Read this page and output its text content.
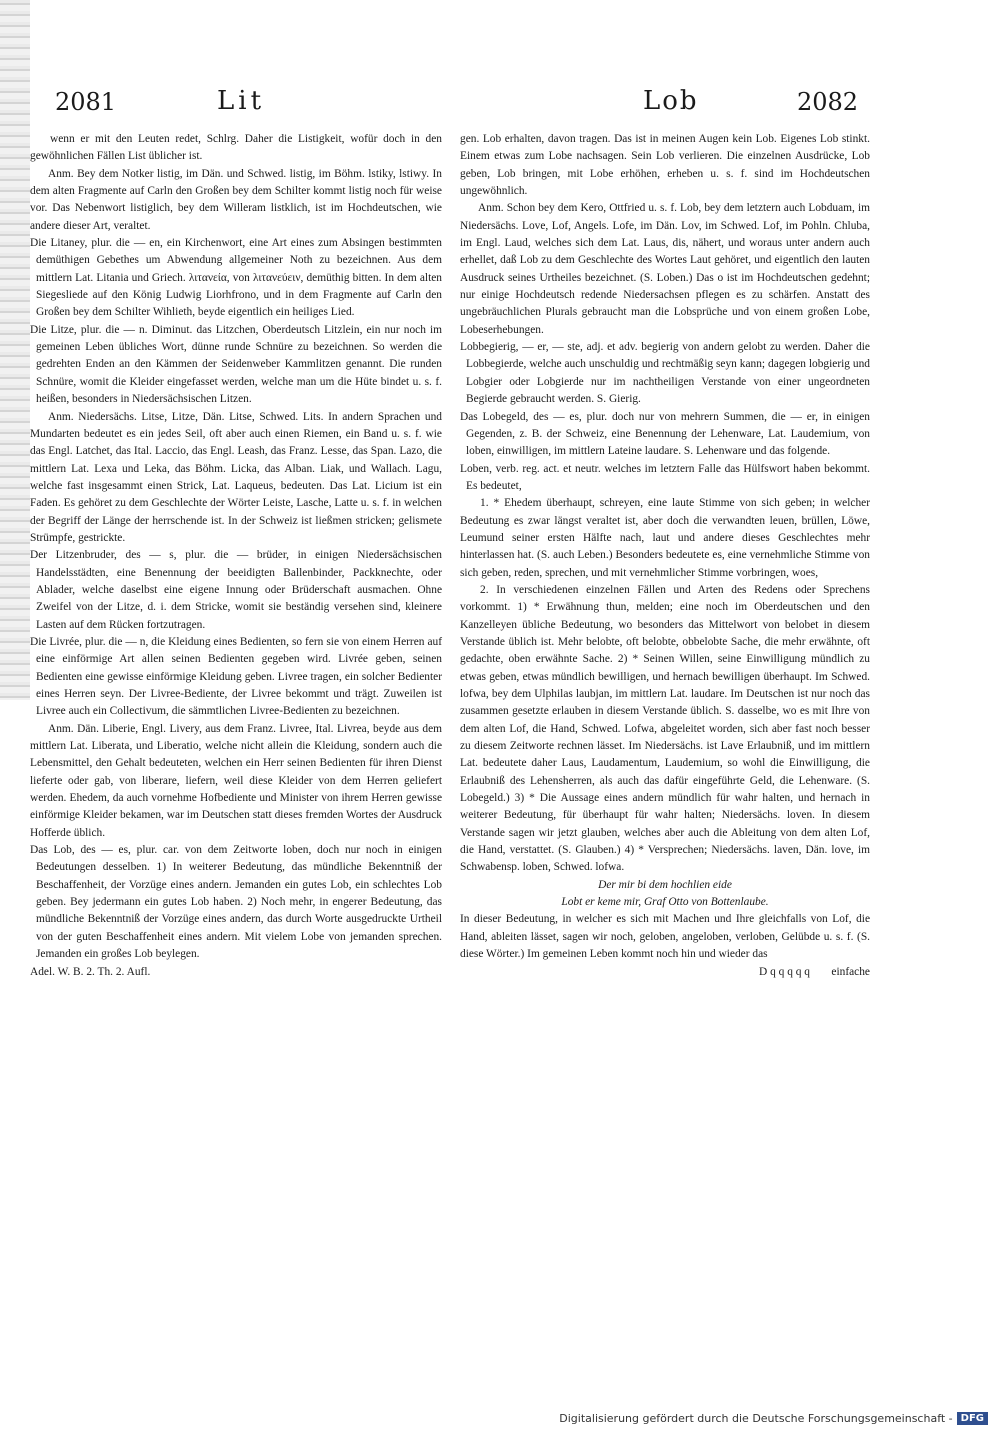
2081	Lit	Lob	2082

wenn er mit den Leuten redet, Schlrg. Daher die Listigkeit, wofür doch in den gewöhnlichen Fällen List üblicher ist.

Anm. Bey dem Notker listig, im Dän. und Schwed. listig, im Böhm. lstiky, lstiwy. In dem alten Fragmente auf Carln den Großen bey dem Schilter kommt listig noch für weise vor. Das Nebenwort listiglich, bey dem Willeram listklich, ist im Hochdeutschen, wie andere dieser Art, veraltet.

Die Litaney, plur. die — en, ein Kirchenwort, eine Art eines zum Absingen bestimmten demüthigen Gebethes um Abwendung allgemeiner Noth zu bezeichnen. Aus dem mittlern Lat. Litania und Griech. λιτανεία, von λιτανεύειν, demüthig bitten. In dem alten Siegesliede auf den König Ludwig Liorhfrono, und in dem Fragmente auf Carln den Großen bey dem Schilter Wihlieth, beyde eigentlich ein heiliges Lied.

Die Litze, plur. die — n. Diminut. das Litzchen, Oberdeutsch Litzlein, ein nur noch im gemeinen Leben übliches Wort, dünne runde Schnüre zu bezeichnen. So werden die gedrehten Enden an den Kämmen der Seidenweber Kammlitzen genannt. Die runden Schnüre, womit die Kleider eingefasset werden, welche man um die Hüte bindet u. s. f. heißen, besonders in Niedersächsischen Litzen.

Anm. Niedersächs. Litse, Litze, Dän. Litse, Schwed. Lits. In andern Sprachen und Mundarten bedeutet es ein jedes Seil, oft aber auch einen Riemen, ein Band u. s. f. wie das Engl. Latchet, das Ital. Laccio, das Engl. Leash, das Franz. Lesse, das Span. Lazo, die mittlern Lat. Lexa und Leka, das Böhm. Licka, das Alban. Liak, und Wallach. Lagu, welche fast insgesammt einen Strick, Lat. Laqueus, bedeuten. Das Lat. Licium ist ein Faden. Es gehöret zu dem Geschlechte der Wörter Leiste, Lasche, Latte u. s. f. in welchen der Begriff der Länge der herrschende ist. In der Schweiz ist ließmen stricken; gelismete Strümpfe, gestrickte.

Der Litzenbruder, des — s, plur. die — brüder, in einigen Niedersächsischen Handelsstädten, eine Benennung der beeidigten Ballenbinder, Packknechte, oder Ablader, welche daselbst eine eigene Innung oder Brüderschaft ausmachen. Ohne Zweifel von der Litze, d. i. dem Stricke, womit sie beständig versehen sind, kleinere Lasten auf dem Rücken fortzutragen.

Die Livrée, plur. die — n, die Kleidung eines Bedienten, so fern sie von einem Herren auf eine einförmige Art allen seinen Bedienten gegeben wird. Livrée geben, seinen Bedienten eine gewisse einförmige Kleidung geben. Livree tragen, ein solcher Bedienter eines Herren seyn. Der Livree-Bediente, der Livree bekommt und trägt. Zuweilen ist Livree auch ein Collectivum, die sämmtlichen Livree-Bedienten zu bezeichnen.

Anm. Dän. Liberie, Engl. Livery, aus dem Franz. Livree, Ital. Livrea, beyde aus dem mittlern Lat. Liberata, und Liberatio, welche nicht allein die Kleidung, sondern auch die Lebensmittel, den Gehalt bedeuteten, welchen ein Herr seinen Bedienten für ihren Dienst lieferte oder gab, von liberare, liefern, weil diese Kleider von dem Herren geliefert werden. Ehedem, da auch vornehme Hofbediente und Minister von ihrem Herren gewisse einförmige Kleider bekamen, war im Deutschen statt dieses fremden Wortes der Ausdruck Hofferde üblich.

Das Lob, des — es, plur. car. von dem Zeitworte loben, doch nur noch in einigen Bedeutungen desselben. 1) In weiterer Bedeutung, das mündliche Bekenntniß der Beschaffenheit, der Vorzüge eines andern. Jemanden ein gutes Lob, ein schlechtes Lob geben. Bey jedermann ein gutes Lob haben. 2) Noch mehr, in engerer Bedeutung, das mündliche Bekenntniß der Vorzüge eines andern, das durch Worte ausgedruckte Urtheil von der guten Beschaffenheit eines andern. Mit vielem Lobe von jemanden sprechen. Jemanden ein großes Lob beylegen.

Adel. W. B. 2. Th. 2. Aufl.

gen. Lob erhalten, davon tragen. Das ist in meinen Augen kein Lob. Eigenes Lob stinkt. Einem etwas zum Lobe nachsagen. Sein Lob verlieren. Die einzelnen Ausdrücke, Lob geben, Lob bringen, mit Lobe erhöhen, erheben u. s. f. sind im Hochdeutschen ungewöhnlich.

Anm. Schon bey dem Kero, Ottfried u. s. f. Lob, bey dem letztern auch Lobduam, im Niedersächs. Love, Lof, Angels. Lofe, im Dän. Lov, im Schwed. Lof, im Pohln. Chluba, im Engl. Laud, welches sich dem Lat. Laus, dis, nähert, und woraus unter andern auch erhellet, daß Lob zu dem Geschlechte des Wortes Laut gehöret, und eigentlich den lauten Ausdruck seines Urtheiles bezeichnet. (S. Loben.) Das o ist im Hochdeutschen gedehnt; nur einige Hochdeutsch redende Niedersachsen pflegen es zu schärfen. Anstatt des ungebräuchlichen Plurals gebraucht man die Lobsprüche und von einem großen Lobe, Lobeserhebungen.

Lobbegierig, — er, — ste, adj. et adv. begierig von andern gelobt zu werden. Daher die Lobbegierde, welche auch unschuldig und rechtmäßig seyn kann; dagegen lobgierig und Lobgier oder Lobgierde nur im nachtheiligen Verstande von einer ungeordneten Begierde gebraucht werden. S. Gierig.

Das Lobegeld, des — es, plur. doch nur von mehrern Summen, die — er, in einigen Gegenden, z. B. der Schweiz, eine Benennung der Lehenware, Lat. Laudemium, von loben, einwilligen, im mittlern Lateine laudare. S. Lehenware und das folgende.

Loben, verb. reg. act. et neutr. welches im letztern Falle das Hülfswort haben bekommt. Es bedeutet,

1. * Ehedem überhaupt, schreyen, eine laute Stimme von sich geben; in welcher Bedeutung es zwar längst veraltet ist, aber doch die verwandten leuen, brüllen, Löwe, Leumund seiner ersten Hälfte nach, laut und andere dieses Geschlechtes mehr hinterlassen hat. (S. auch Leben.) Besonders bedeutete es, eine vernehmliche Stimme von sich geben, reden, sprechen, und mit vernehmlicher Stimme vorbringen, woes,

2. In verschiedenen einzelnen Fällen und Arten des Redens oder Sprechens vorkommt. 1) * Erwähnung thun, melden; eine noch im Oberdeutschen und den Kanzelleyen übliche Bedeutung, wo besonders das Mittelwort von belobet in diesem Verstande üblich ist. Mehr belobte, oft belobte, obbelobte Sache, die mehr erwähnte, oft gedachte, oben erwähnte Sache. 2) * Seinen Willen, seine Einwilligung mündlich zu etwas geben, etwas mündlich bewilligen, und hernach bewilligen überhaupt. Im Schwed. lofwa, bey dem Ulphilas laubjan, im mittlern Lat. laudare. Im Deutschen ist nur noch das zusammen gesetzte erlauben in diesem Verstande üblich. S. dasselbe, wo es mit Ihre von dem alten Lof, die Hand, Schwed. Lofwa, abgeleitet worden, sich aber fast noch besser zu diesem Zeitworte rechnen lässet. Im Niedersächs. ist Lave Erlaubniß, und im mittlern Lat. bedeutete daher Laus, Laudamentum, Laudemium, so wohl die Einwilligung, die Erlaubniß des Lehensherren, als auch das dafür eingeführte Geld, die Lehenware. (S. Lobegeld.) 3) * Die Aussage eines andern mündlich für wahr halten, und hernach in weiterer Bedeutung, für überhaupt für wahr halten; Niedersächs. loven. In diesem Verstande sagen wir jetzt glauben, welches aber auch die Ableitung von dem alten Lof, die Hand, verstattet. (S. Glauben.) 4) * Versprechen; Niedersächs. laven, Dän. love, im Schwabensp. loben, Schwed. lofwa.

Der mir bi dem hochlien eide

Lobt er keme mir, Graf Otto von Bottenlaube.

In dieser Bedeutung, in welcher es sich mit Machen und Ihre gleichfalls von Lof, die Hand, ableiten lässet, sagen wir noch, geloben, angeloben, verloben, Gelübde u. s. f. (S. diese Wörter.) Im gemeinen Leben kommt noch hin und wieder das

D q q q q q einfache

Digitalisierung gefördert durch die Deutsche Forschungsgemeinschaft - DFG
